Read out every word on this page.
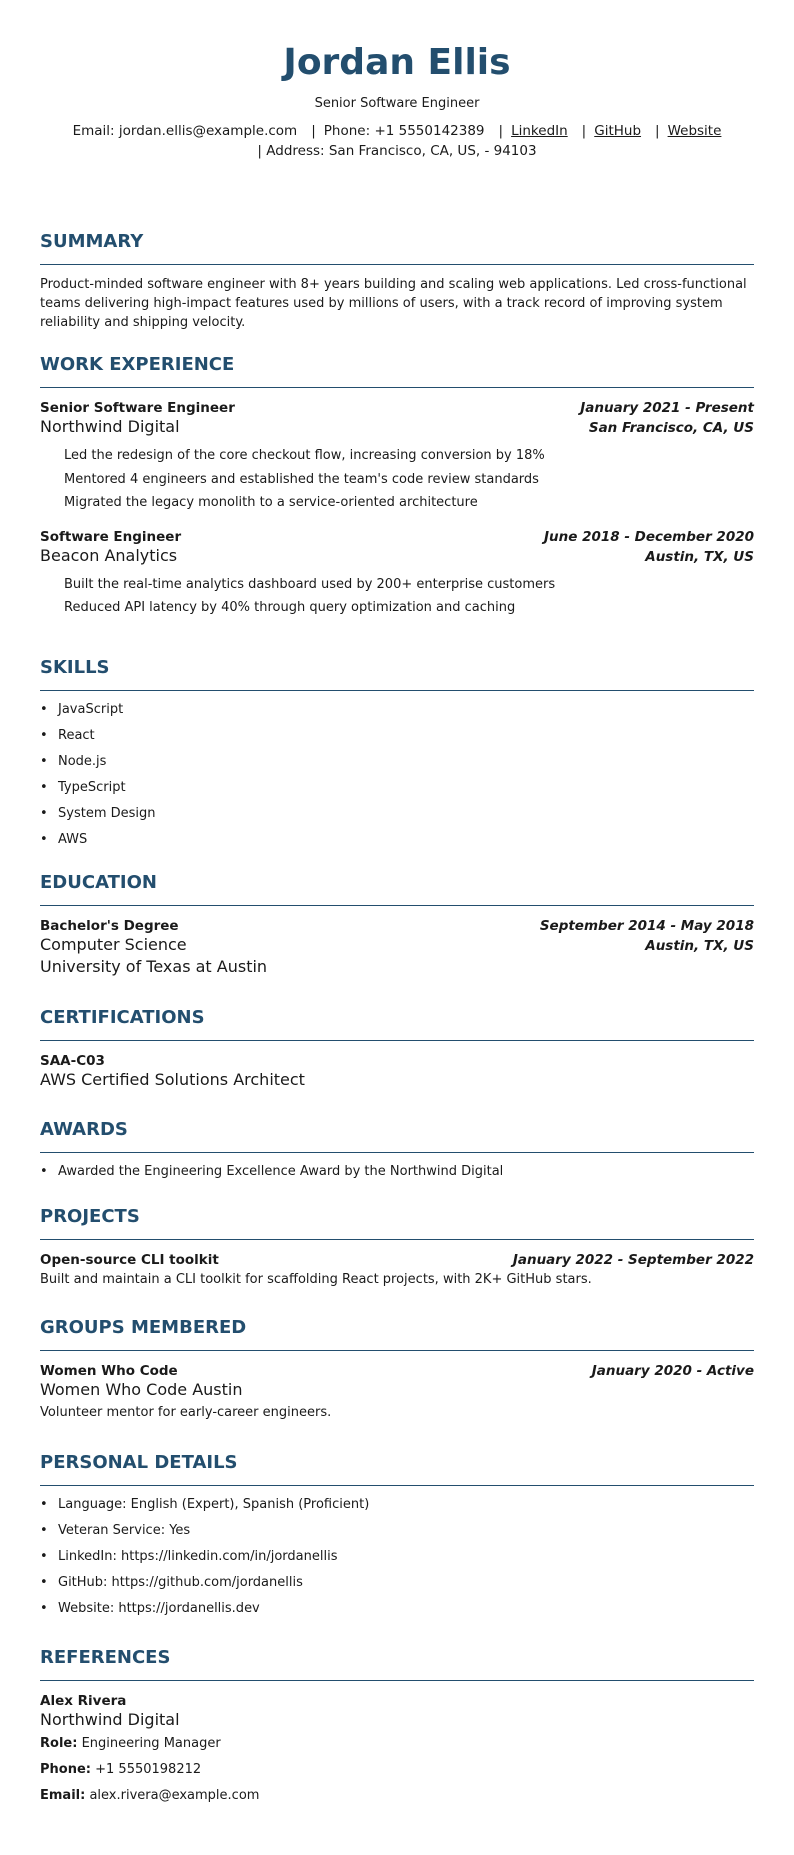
Jordan Ellis
Senior Software Engineer
Email: jordan.ellis@example.com | Phone: +1 5550142389 | LinkedIn | GitHub | Website
| Address: San Francisco, CA, US, - 94103
SUMMARY
Product-minded software engineer with 8+ years building and scaling web applications. Led cross-functional teams delivering high-impact features used by millions of users, with a track record of improving system reliability and shipping velocity.
WORK EXPERIENCE
Senior Software Engineer	January 2021 - Present
Northwind Digital	San Francisco, CA, US
Led the redesign of the core checkout flow, increasing conversion by 18%
Mentored 4 engineers and established the team's code review standards
Migrated the legacy monolith to a service-oriented architecture
Software Engineer	June 2018 - December 2020
Beacon Analytics	Austin, TX, US
Built the real-time analytics dashboard used by 200+ enterprise customers
Reduced API latency by 40% through query optimization and caching
SKILLS
• JavaScript
• React
• Node.js
• TypeScript
• System Design
• AWS
EDUCATION
Bachelor's Degree	September 2014 - May 2018
Computer Science	Austin, TX, US
University of Texas at Austin
CERTIFICATIONS
SAA-C03
AWS Certified Solutions Architect
AWARDS
• Awarded the Engineering Excellence Award by the Northwind Digital
PROJECTS
Open-source CLI toolkit	January 2022 - September 2022
Built and maintain a CLI toolkit for scaffolding React projects, with 2K+ GitHub stars.
GROUPS MEMBERED
Women Who Code	January 2020 - Active
Women Who Code Austin
Volunteer mentor for early-career engineers.
PERSONAL DETAILS
• Language: English (Expert), Spanish (Proficient)
• Veteran Service: Yes
• LinkedIn: https://linkedin.com/in/jordanellis
• GitHub: https://github.com/jordanellis
• Website: https://jordanellis.dev
REFERENCES
Alex Rivera
Northwind Digital
Role: Engineering Manager
Phone: +1 5550198212
Email: alex.rivera@example.com
